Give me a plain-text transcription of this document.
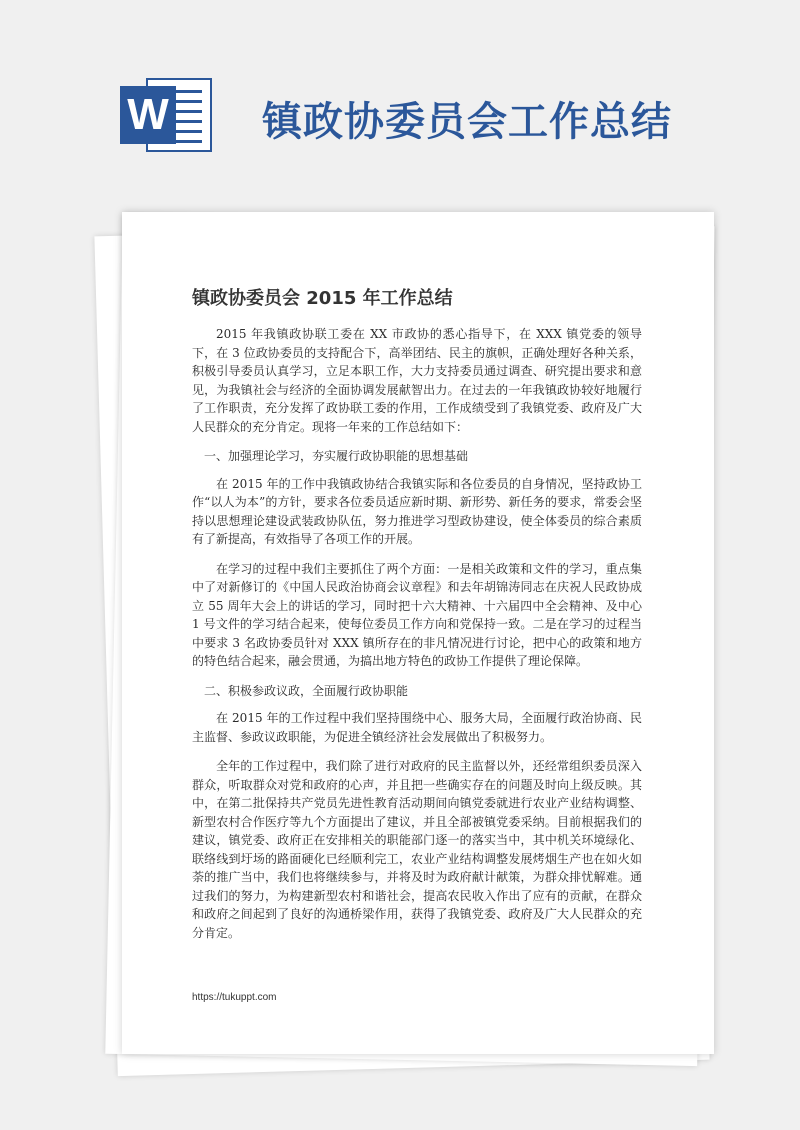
W 镇政协委员会工作总结
镇政协委员会 2015 年工作总结

2015 年我镇政协联工委在 XX 市政协的悉心指导下，在 XXX 镇党委的领导下，在 3 位政协委员的支持配合下，高举团结、民主的旗帜，正确处理好各种关系，积极引导委员认真学习，立足本职工作，大力支持委员通过调查、研究提出要求和意见，为我镇社会与经济的全面协调发展献智出力。在过去的一年我镇政协较好地履行了工作职责，充分发挥了政协联工委的作用，工作成绩受到了我镇党委、政府及广大人民群众的充分肯定。现将一年来的工作总结如下：

一、加强理论学习，夯实履行政协职能的思想基础

在 2015 年的工作中我镇政协结合我镇实际和各位委员的自身情况，坚持政协工作“以人为本”的方针，要求各位委员适应新时期、新形势、新任务的要求，常委会坚持以思想理论建设武装政协队伍，努力推进学习型政协建设，使全体委员的综合素质有了新提高，有效指导了各项工作的开展。

在学习的过程中我们主要抓住了两个方面：一是相关政策和文件的学习，重点集中了对新修订的《中国人民政治协商会议章程》和去年胡锦涛同志在庆祝人民政协成立 55 周年大会上的讲话的学习，同时把十六大精神、十六届四中全会精神、及中心 1 号文件的学习结合起来，使每位委员工作方向和党保持一致。二是在学习的过程当中要求 3 名政协委员针对 XXX 镇所存在的非凡情况进行讨论，把中心的政策和地方的特色结合起来，融会贯通，为搞出地方特色的政协工作提供了理论保障。

二、积极参政议政，全面履行政协职能

在 2015 年的工作过程中我们坚持围绕中心、服务大局，全面履行政治协商、民主监督、参政议政职能，为促进全镇经济社会发展做出了积极努力。

全年的工作过程中，我们除了进行对政府的民主监督以外，还经常组织委员深入群众，听取群众对党和政府的心声，并且把一些确实存在的问题及时向上级反映。其中，在第二批保持共产党员先进性教育活动期间向镇党委就进行农业产业结构调整、新型农村合作医疗等九个方面提出了建议，并且全部被镇党委采纳。目前根据我们的建议，镇党委、政府正在安排相关的职能部门逐一的落实当中，其中机关环境绿化、联络线到圩场的路面硬化已经顺利完工，农业产业结构调整发展烤烟生产也在如火如荼的推广当中，我们也将继续参与，并将及时为政府献计献策，为群众排忧解难。通过我们的努力，为构建新型农村和谐社会，提高农民收入作出了应有的贡献，在群众和政府之间起到了良好的沟通桥梁作用，获得了我镇党委、政府及广大人民群众的充分肯定。

https://tukuppt.com
